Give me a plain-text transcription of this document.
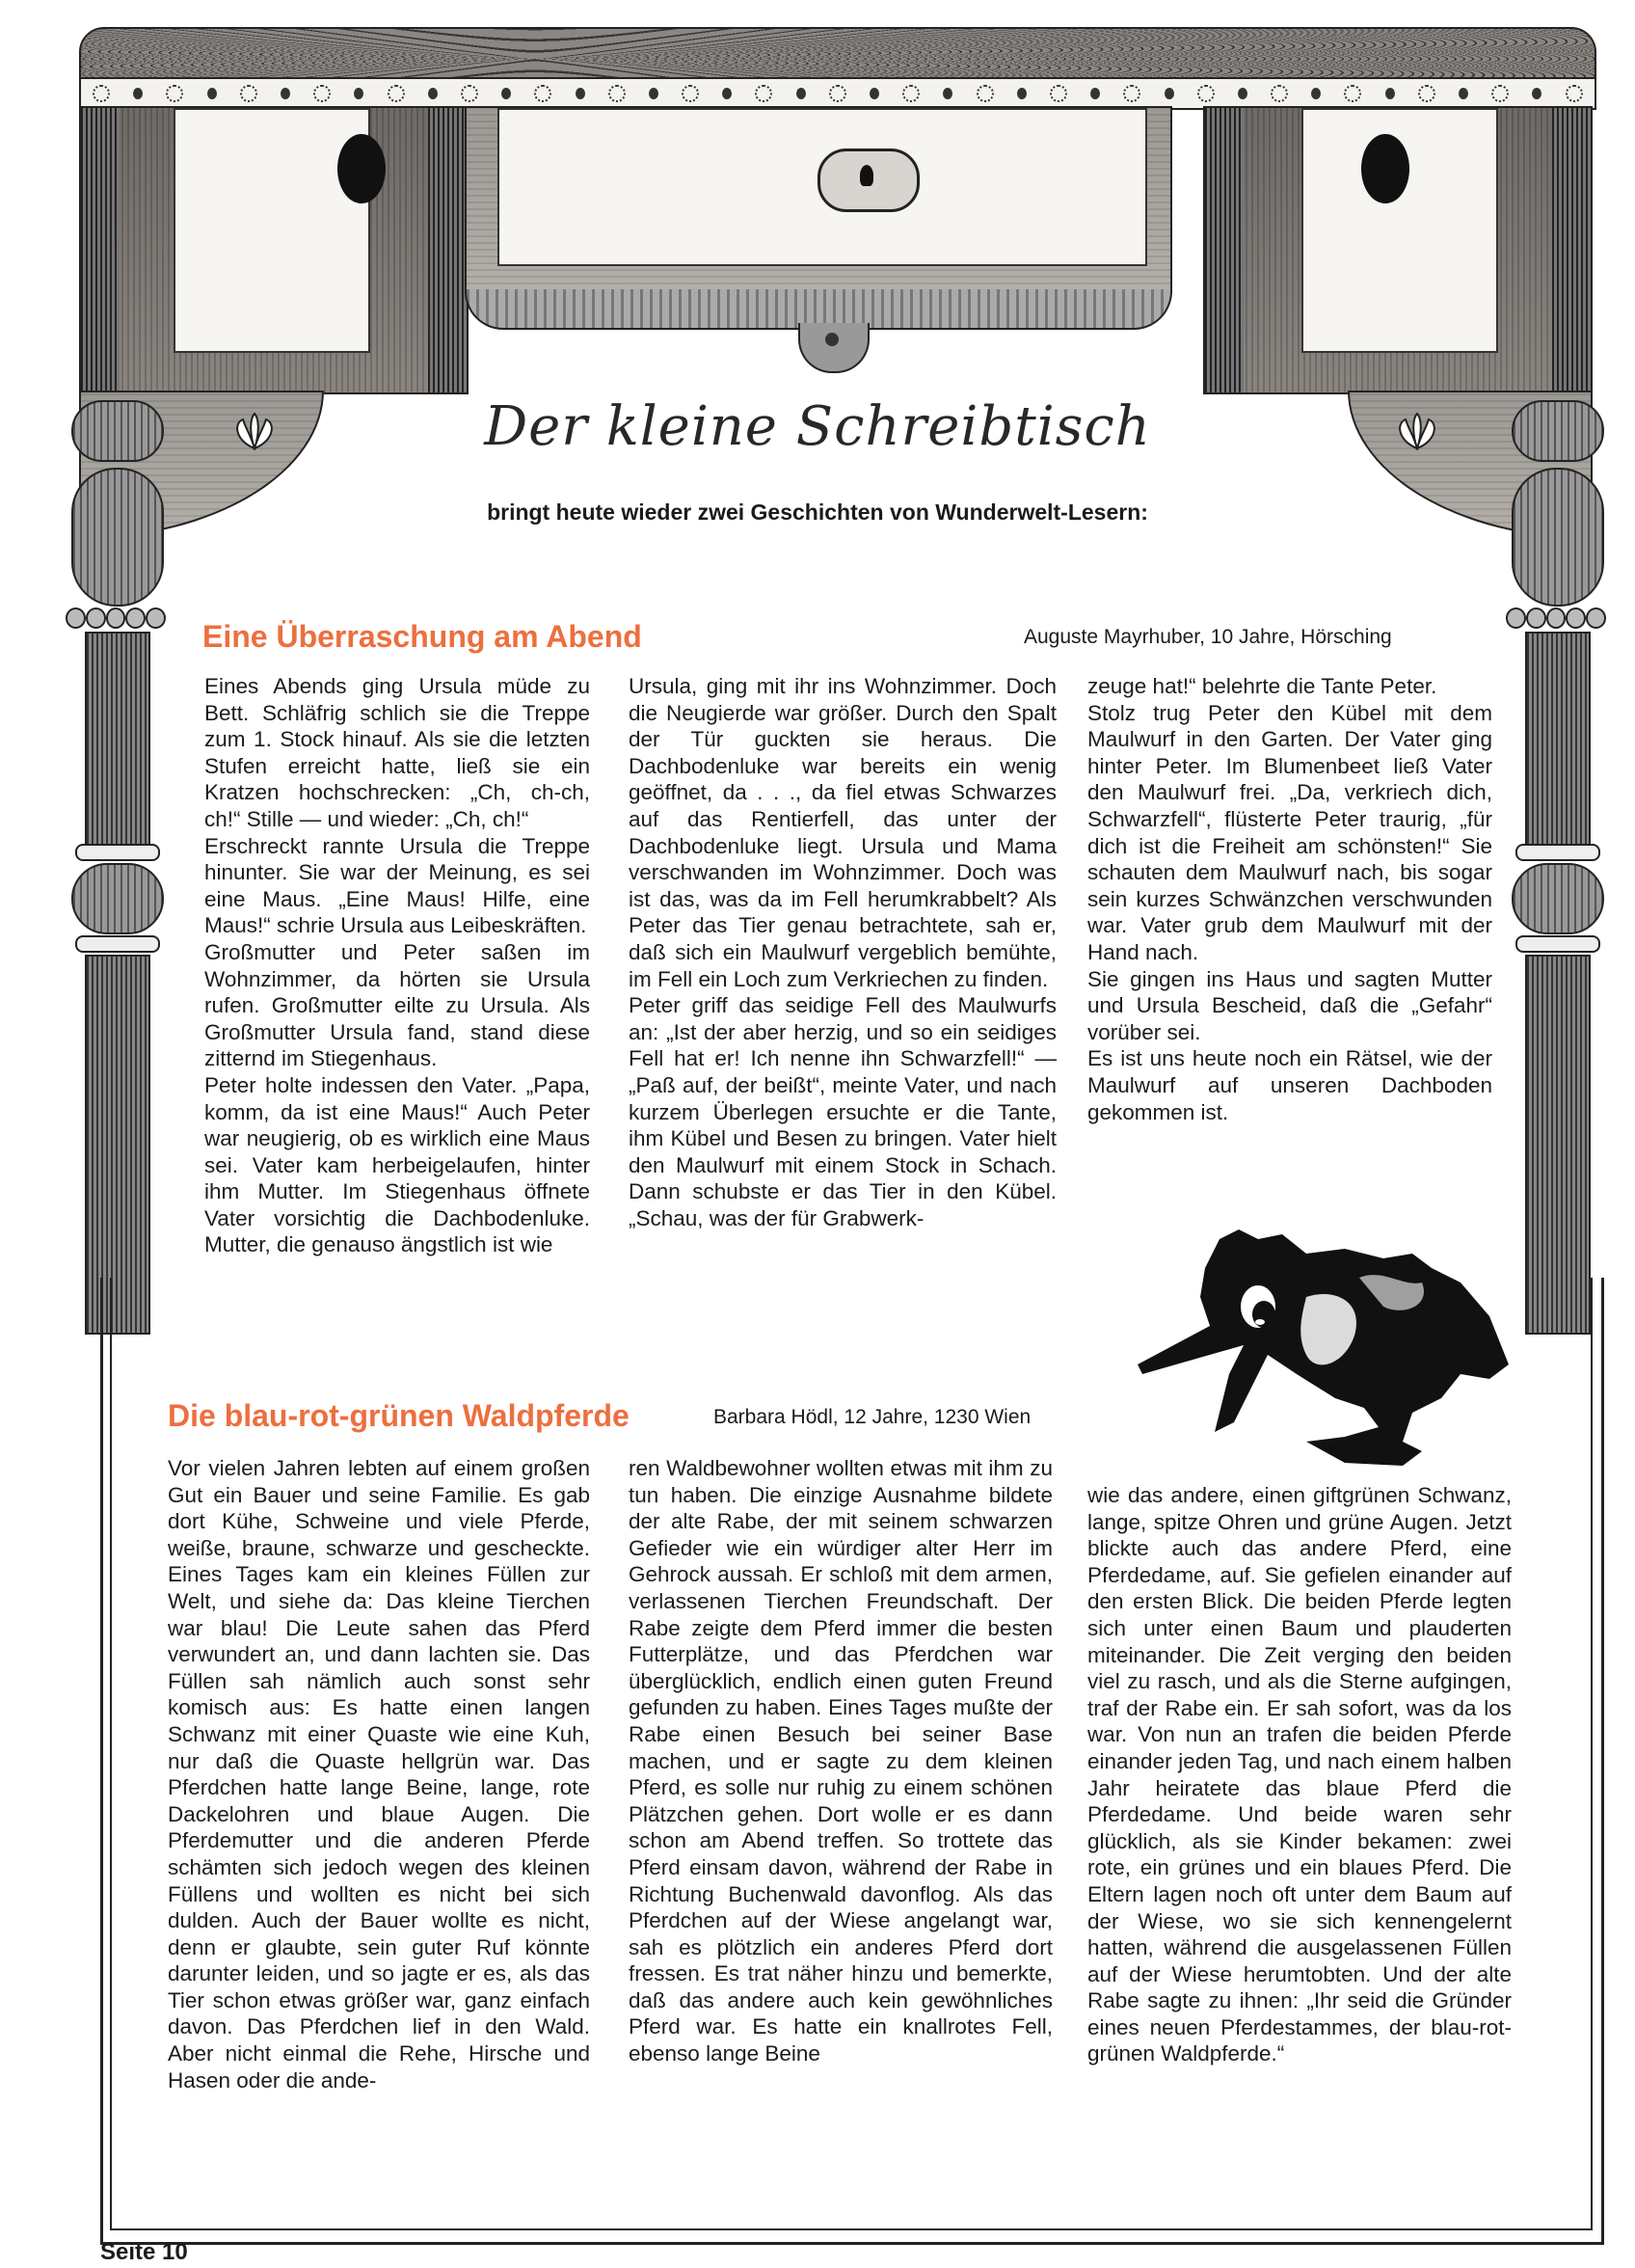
Der kleine Schreibtisch
bringt heute wieder zwei Geschichten von Wunderwelt-Lesern:
Eine Überraschung am Abend	Auguste Mayrhuber, 10 Jahre, Hörsching

Eines Abends ging Ursula müde zu Bett. Schläfrig schlich sie die Treppe zum 1. Stock hinauf. Als sie die letzten Stufen erreicht hatte, ließ sie ein Kratzen hochschrecken: „Ch, ch-ch, ch!“ Stille — und wieder: „Ch, ch!“

Erschreckt rannte Ursula die Treppe hinunter. Sie war der Meinung, es sei eine Maus. „Eine Maus! Hilfe, eine Maus!“ schrie Ursula aus Leibeskräften.

Großmutter und Peter saßen im Wohnzimmer, da hörten sie Ursula rufen. Großmutter eilte zu Ursula. Als Großmutter Ursula fand, stand diese zitternd im Stiegenhaus.

Peter holte indessen den Vater. „Papa, komm, da ist eine Maus!“ Auch Peter war neugierig, ob es wirklich eine Maus sei. Vater kam herbeigelaufen, hinter ihm Mutter. Im Stiegenhaus öffnete Vater vorsichtig die Dachbodenluke. Mutter, die genauso ängstlich ist wie

Ursula, ging mit ihr ins Wohnzimmer. Doch die Neugierde war größer. Durch den Spalt der Tür guckten sie heraus. Die Dachbodenluke war bereits ein wenig geöffnet, da . . ., da fiel etwas Schwarzes auf das Rentierfell, das unter der Dachbodenluke liegt. Ursula und Mama verschwanden im Wohnzimmer. Doch was ist das, was da im Fell herumkrabbelt? Als Peter das Tier genau betrachtete, sah er, daß sich ein Maulwurf vergeblich bemühte, im Fell ein Loch zum Verkriechen zu finden.

Peter griff das seidige Fell des Maulwurfs an: „Ist der aber herzig, und so ein seidiges Fell hat er! Ich nenne ihn Schwarzfell!“ — „Paß auf, der beißt“, meinte Vater, und nach kurzem Überlegen ersuchte er die Tante, ihm Kübel und Besen zu bringen. Vater hielt den Maulwurf mit einem Stock in Schach. Dann schubste er das Tier in den Kübel. „Schau, was der für Grabwerk-

zeuge hat!“ belehrte die Tante Peter.

Stolz trug Peter den Kübel mit dem Maulwurf in den Garten. Der Vater ging hinter Peter. Im Blumenbeet ließ Vater den Maulwurf frei. „Da, verkriech dich, Schwarzfell“, flüsterte Peter traurig, „für dich ist die Freiheit am schönsten!“ Sie schauten dem Maulwurf nach, bis sogar sein kurzes Schwänzchen verschwunden war. Vater grub dem Maulwurf mit der Hand nach.

Sie gingen ins Haus und sagten Mutter und Ursula Bescheid, daß die „Gefahr“ vorüber sei.

Es ist uns heute noch ein Rätsel, wie der Maulwurf auf unseren Dachboden gekommen ist.

Die blau-rot-grünen Waldpferde	Barbara Hödl, 12 Jahre, 1230 Wien

Vor vielen Jahren lebten auf einem großen Gut ein Bauer und seine Familie. Es gab dort Kühe, Schweine und viele Pferde, weiße, braune, schwarze und gescheckte. Eines Tages kam ein kleines Füllen zur Welt, und siehe da: Das kleine Tierchen war blau! Die Leute sahen das Pferd verwundert an, und dann lachten sie. Das Füllen sah nämlich auch sonst sehr komisch aus: Es hatte einen langen Schwanz mit einer Quaste wie eine Kuh, nur daß die Quaste hellgrün war. Das Pferdchen hatte lange Beine, lange, rote Dackelohren und blaue Augen. Die Pferdemutter und die anderen Pferde schämten sich jedoch wegen des kleinen Füllens und wollten es nicht bei sich dulden. Auch der Bauer wollte es nicht, denn er glaubte, sein guter Ruf könnte darunter leiden, und so jagte er es, als das Tier schon etwas größer war, ganz einfach davon. Das Pferdchen lief in den Wald. Aber nicht einmal die Rehe, Hirsche und Hasen oder die ande-

ren Waldbewohner wollten etwas mit ihm zu tun haben. Die einzige Ausnahme bildete der alte Rabe, der mit seinem schwarzen Gefieder wie ein würdiger alter Herr im Gehrock aussah. Er schloß mit dem armen, verlassenen Tierchen Freundschaft. Der Rabe zeigte dem Pferd immer die besten Futterplätze, und das Pferdchen war überglücklich, endlich einen guten Freund gefunden zu haben. Eines Tages mußte der Rabe einen Besuch bei seiner Base machen, und er sagte zu dem kleinen Pferd, es solle nur ruhig zu einem schönen Plätzchen gehen. Dort wolle er es dann schon am Abend treffen. So trottete das Pferd einsam davon, während der Rabe in Richtung Buchenwald davonflog. Als das Pferdchen auf der Wiese angelangt war, sah es plötzlich ein anderes Pferd dort fressen. Es trat näher hinzu und bemerkte, daß das andere auch kein gewöhnliches Pferd war. Es hatte ein knallrotes Fell, ebenso lange Beine

wie das andere, einen giftgrünen Schwanz, lange, spitze Ohren und grüne Augen. Jetzt blickte auch das andere Pferd, eine Pferdedame, auf. Sie gefielen einander auf den ersten Blick. Die beiden Pferde legten sich unter einen Baum und plauderten miteinander. Die Zeit verging den beiden viel zu rasch, und als die Sterne aufgingen, traf der Rabe ein. Er sah sofort, was da los war. Von nun an trafen die beiden Pferde einander jeden Tag, und nach einem halben Jahr heiratete das blaue Pferd die Pferdedame. Und beide waren sehr glücklich, als sie Kinder bekamen: zwei rote, ein grünes und ein blaues Pferd. Die Eltern lagen noch oft unter dem Baum auf der Wiese, wo sie sich kennengelernt hatten, während die ausgelassenen Füllen auf der Wiese herumtobten. Und der alte Rabe sagte zu ihnen: „Ihr seid die Gründer eines neuen Pferdestammes, der blau-rot-grünen Waldpferde.“

Seite 10
